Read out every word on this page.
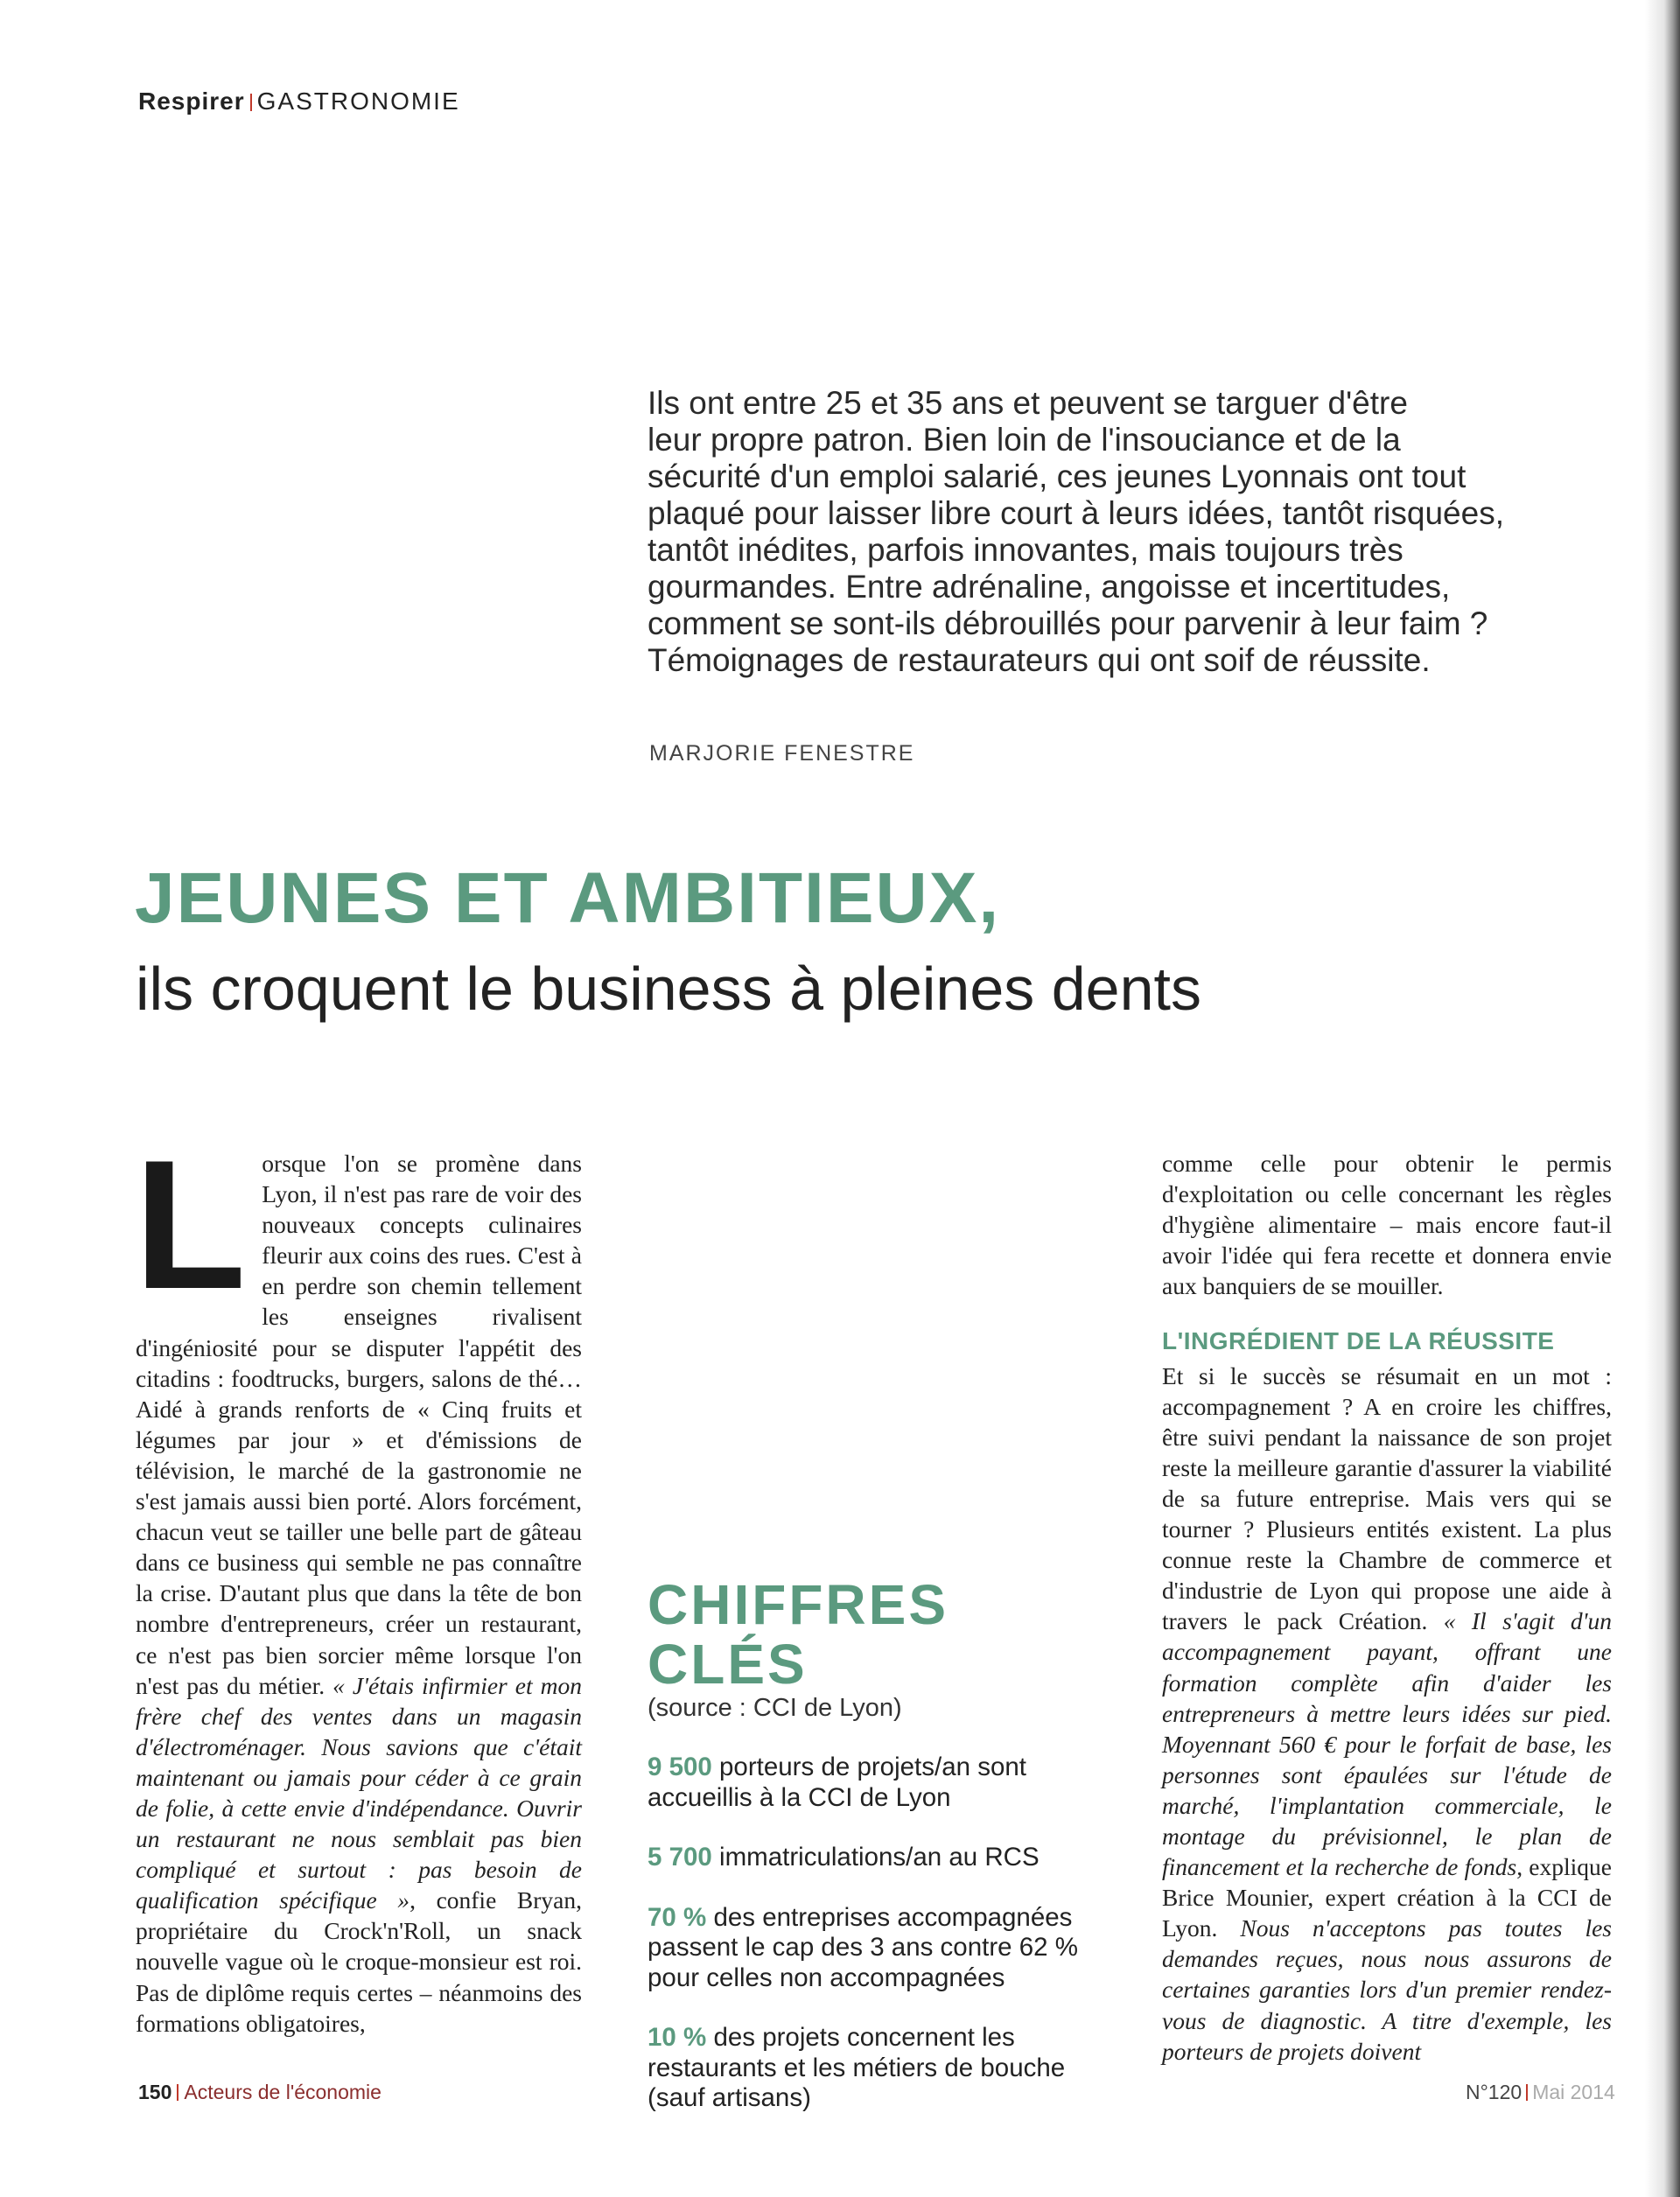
Respirer GASTRONOMIE
Ils ont entre 25 et 35 ans et peuvent se targuer d'être
leur propre patron. Bien loin de l'insouciance et de la
sécurité d'un emploi salarié, ces jeunes Lyonnais ont tout
plaqué pour laisser libre court à leurs idées, tantôt risquées,
tantôt inédites, parfois innovantes, mais toujours très
gourmandes. Entre adrénaline, angoisse et incertitudes,
comment se sont-ils débrouillés pour parvenir à leur faim ?
Témoignages de restaurateurs qui ont soif de réussite.
MARJORIE FENESTRE
JEUNES ET AMBITIEUX,
ils croquent le business à pleines dents
L orsque l'on se promène dans Lyon, il n'est pas rare de voir des nouveaux concepts culinaires fleurir aux coins des rues. C'est à en perdre son chemin tellement les enseignes rivalisent d'ingéniosité pour se disputer l'appétit des citadins : foodtrucks, burgers, salons de thé… Aidé à grands renforts de « Cinq fruits et légumes par jour » et d'émissions de télévision, le marché de la gastronomie ne s'est jamais aussi bien porté. Alors forcément, chacun veut se tailler une belle part de gâteau dans ce business qui semble ne pas connaître la crise. D'autant plus que dans la tête de bon nombre d'entrepreneurs, créer un restaurant, ce n'est pas bien sorcier même lorsque l'on n'est pas du métier. « J'étais infirmier et mon frère chef des ventes dans un magasin d'électroménager. Nous savions que c'était maintenant ou jamais pour céder à ce grain de folie, à cette envie d'indépendance. Ouvrir un restaurant ne nous semblait pas bien compliqué et surtout : pas besoin de qualification spécifique », confie Bryan, propriétaire du Crock'n'Roll, un snack nouvelle vague où le croque-monsieur est roi. Pas de diplôme requis certes – néanmoins des formations obligatoires,

CHIFFRES CLÉS
(source : CCI de Lyon)
9 500 porteurs de projets/an sont accueillis à la CCI de Lyon
5 700 immatriculations/an au RCS
70 % des entreprises accompagnées passent le cap des 3 ans contre 62 % pour celles non accompagnées
10 % des projets concernent les restaurants et les métiers de bouche (sauf artisans)

comme celle pour obtenir le permis d'exploitation ou celle concernant les règles d'hygiène alimentaire – mais encore faut-il avoir l'idée qui fera recette et donnera envie aux banquiers de se mouiller.

L'INGRÉDIENT DE LA RÉUSSITE

Et si le succès se résumait en un mot : accompagnement ? A en croire les chiffres, être suivi pendant la naissance de son projet reste la meilleure garantie d'assurer la viabilité de sa future entreprise. Mais vers qui se tourner ? Plusieurs entités existent. La plus connue reste la Chambre de commerce et d'industrie de Lyon qui propose une aide à travers le pack Création. « Il s'agit d'un accompagnement payant, offrant une formation complète afin d'aider les entrepreneurs à mettre leurs idées sur pied. Moyennant 560 € pour le forfait de base, les personnes sont épaulées sur l'étude de marché, l'implantation commerciale, le montage du prévisionnel, le plan de financement et la recherche de fonds, explique Brice Mounier, expert création à la CCI de Lyon. Nous n'acceptons pas toutes les demandes reçues, nous nous assurons de certaines garanties lors d'un premier rendez-vous de diagnostic. A titre d'exemple, les porteurs de projets doivent

150 Acteurs de l'économie	N°120 Mai 2014
